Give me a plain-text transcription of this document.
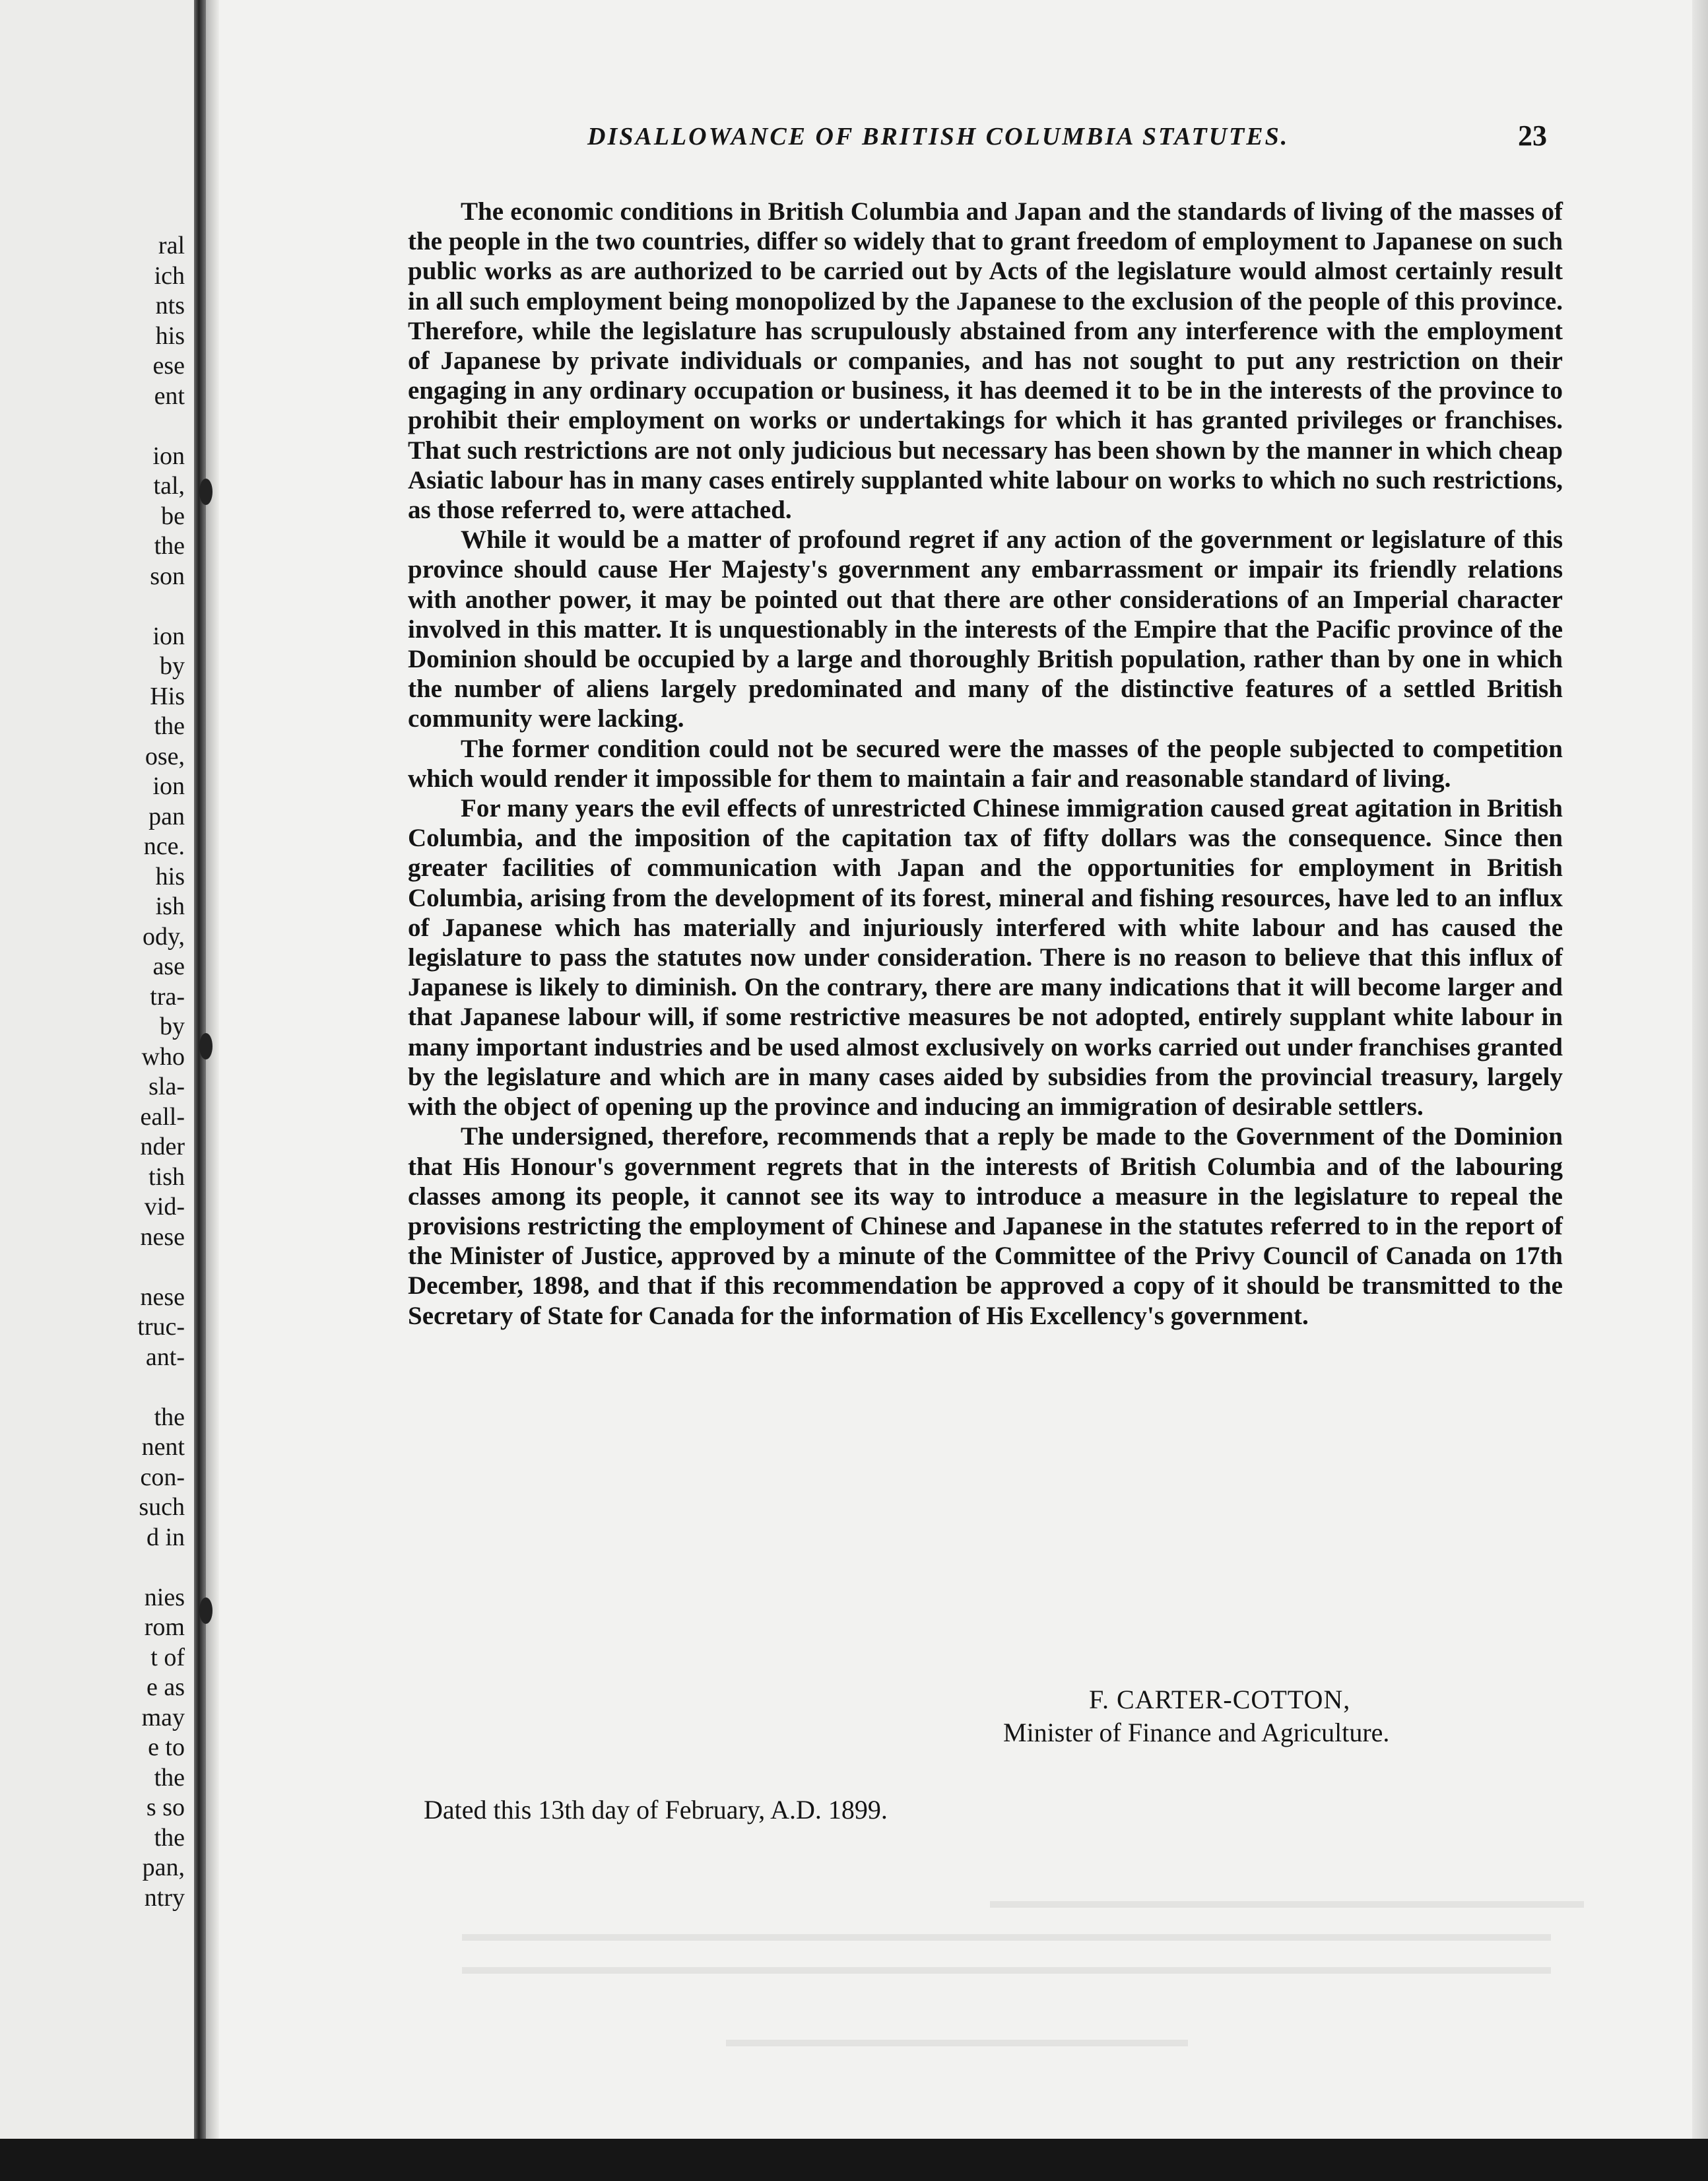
ral
ich
nts
his
ese
ent
ion
tal,
be
the
son
ion
by
His
the
ose,
ion
pan
nce.
his
ish
ody,
ase
tra-
by
who
sla-
eall-
nder
tish
vid-
nese
nese
truc-
ant-
the
nent
con-
such
d in
nies
rom
t of
e as
may
e to
the
s so
the
pan,
ntry
DISALLOWANCE OF BRITISH COLUMBIA STATUTES.	23

The economic conditions in British Columbia and Japan and the standards of living of the masses of the people in the two countries, differ so widely that to grant freedom of employment to Japanese on such public works as are authorized to be carried out by Acts of the legislature would almost certainly result in all such employment being monopolized by the Japanese to the exclusion of the people of this province. Therefore, while the legislature has scrupulously abstained from any interference with the employment of Japanese by private individuals or companies, and has not sought to put any restriction on their engaging in any ordinary occupation or business, it has deemed it to be in the interests of the province to prohibit their employment on works or undertakings for which it has granted privileges or franchises. That such restrictions are not only judicious but necessary has been shown by the manner in which cheap Asiatic labour has in many cases entirely supplanted white labour on works to which no such restrictions, as those referred to, were attached.

While it would be a matter of profound regret if any action of the government or legislature of this province should cause Her Majesty's government any embarrassment or impair its friendly relations with another power, it may be pointed out that there are other considerations of an Imperial character involved in this matter. It is unquestionably in the interests of the Empire that the Pacific province of the Dominion should be occupied by a large and thoroughly British population, rather than by one in which the number of aliens largely predominated and many of the distinctive features of a settled British community were lacking.

The former condition could not be secured were the masses of the people subjected to competition which would render it impossible for them to maintain a fair and reasonable standard of living.

For many years the evil effects of unrestricted Chinese immigration caused great agitation in British Columbia, and the imposition of the capitation tax of fifty dollars was the consequence. Since then greater facilities of communication with Japan and the opportunities for employment in British Columbia, arising from the development of its forest, mineral and fishing resources, have led to an influx of Japanese which has materially and injuriously interfered with white labour and has caused the legislature to pass the statutes now under consideration. There is no reason to believe that this influx of Japanese is likely to diminish. On the contrary, there are many indications that it will become larger and that Japanese labour will, if some restrictive measures be not adopted, entirely supplant white labour in many important industries and be used almost exclusively on works carried out under franchises granted by the legislature and which are in many cases aided by subsidies from the provincial treasury, largely with the object of opening up the province and inducing an immigration of desirable settlers.

The undersigned, therefore, recommends that a reply be made to the Government of the Dominion that His Honour's government regrets that in the interests of British Columbia and of the labouring classes among its people, it cannot see its way to introduce a measure in the legislature to repeal the provisions restricting the employment of Chinese and Japanese in the statutes referred to in the report of the Minister of Justice, approved by a minute of the Committee of the Privy Council of Canada on 17th December, 1898, and that if this recommendation be approved a copy of it should be transmitted to the Secretary of State for Canada for the information of His Excellency's government.

F. CARTER-COTTON,
Minister of Finance and Agriculture.
Dated this 13th day of February, A.D. 1899.
